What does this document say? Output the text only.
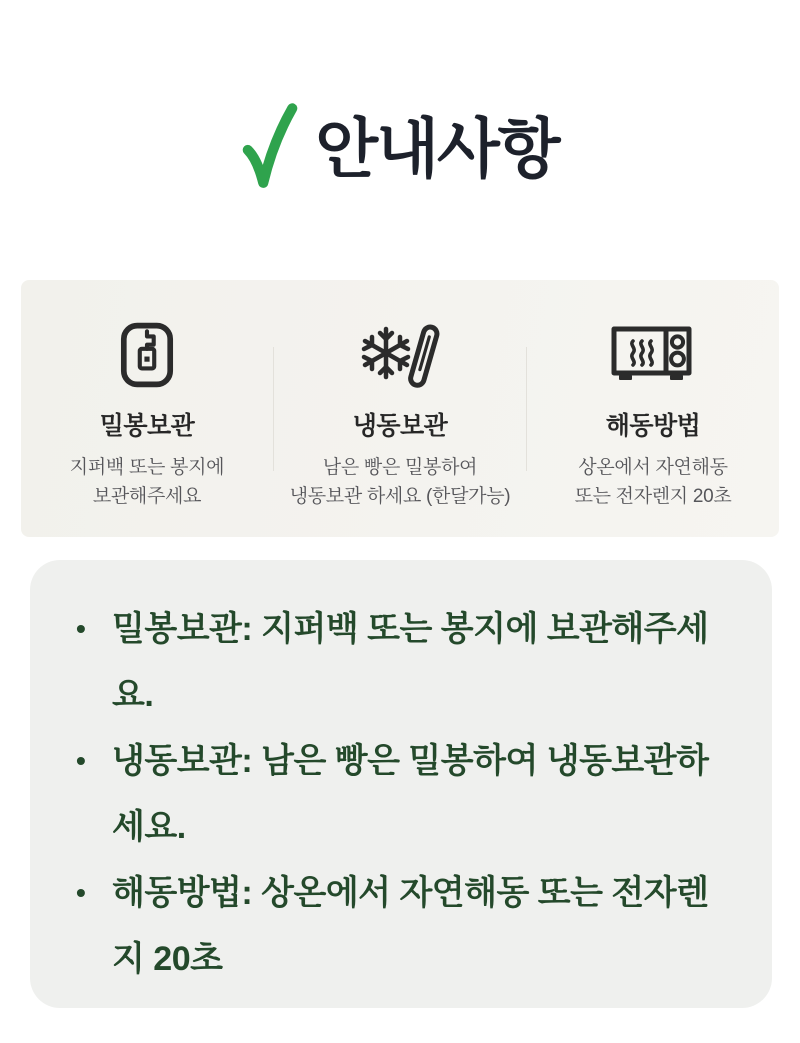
안내사항
밀봉보관
지퍼백 또는 봉지에
보관해주세요
냉동보관
남은 빵은 밀봉하여
냉동보관 하세요 (한달가능)
해동방법
상온에서 자연해동
또는 전자렌지 20초
• 밀봉보관: 지퍼백 또는 봉지에 보관해주세요.
• 냉동보관: 남은 빵은 밀봉하여 냉동보관하세요.
• 해동방법: 상온에서 자연해동 또는 전자렌지 20초
